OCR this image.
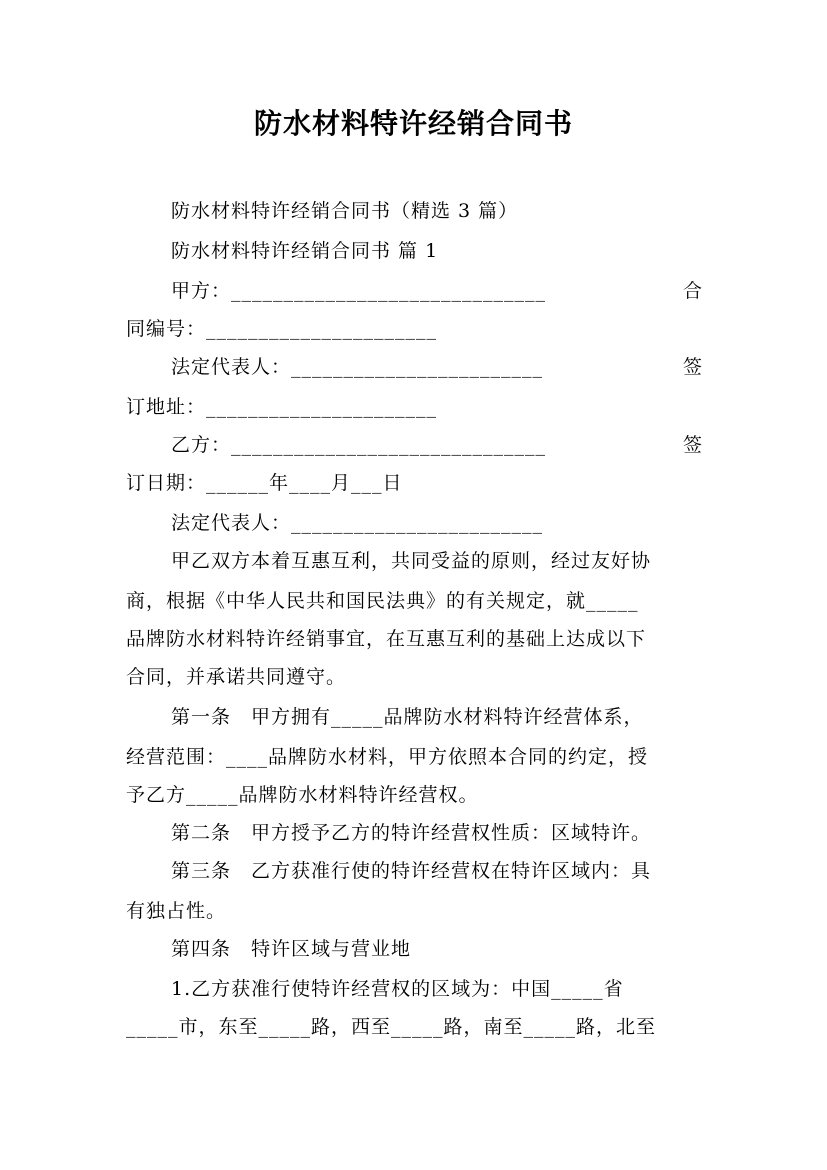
防水材料特许经销合同书
防水材料特许经销合同书（精选 3 篇）
防水材料特许经销合同书 篇 1
甲方：______________________________	合
同编号：______________________
法定代表人：________________________	签
订地址：______________________
乙方：______________________________	签
订日期：______年____月___日
法定代表人：________________________
甲乙双方本着互惠互利，共同受益的原则，经过友好协
商，根据《中华人民共和国民法典》的有关规定，就_____
品牌防水材料特许经销事宜，在互惠互利的基础上达成以下
合同，并承诺共同遵守。
第一条　甲方拥有_____品牌防水材料特许经营体系，
经营范围：____品牌防水材料，甲方依照本合同的约定，授
予乙方_____品牌防水材料特许经营权。
第二条　甲方授予乙方的特许经营权性质：区域特许。
第三条　乙方获准行使的特许经营权在特许区域内：具
有独占性。
第四条　特许区域与营业地
1.乙方获准行使特许经营权的区域为：中国_____省
_____市，东至_____路，西至_____路，南至_____路，北至
